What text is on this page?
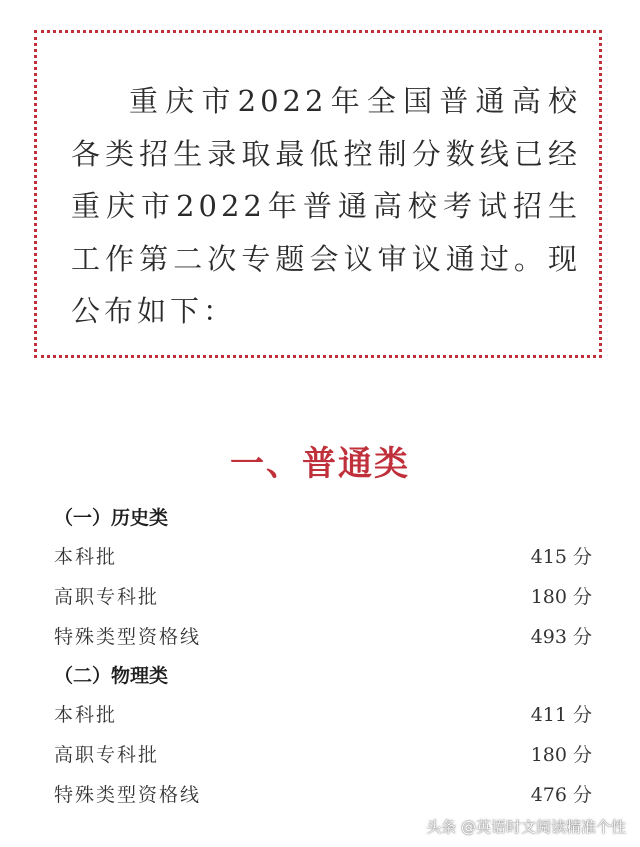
重庆市2022年全国普通高校各类招生录取最低控制分数线已经重庆市2022年普通高校考试招生工作第二次专题会议审议通过。现公布如下：

一、普通类
（一）历史类
本科批	415 分
高职专科批	180 分
特殊类型资格线	493 分
（二）物理类
本科批	411 分
高职专科批	180 分
特殊类型资格线	476 分
头条 @英语时文阅读精准个性
